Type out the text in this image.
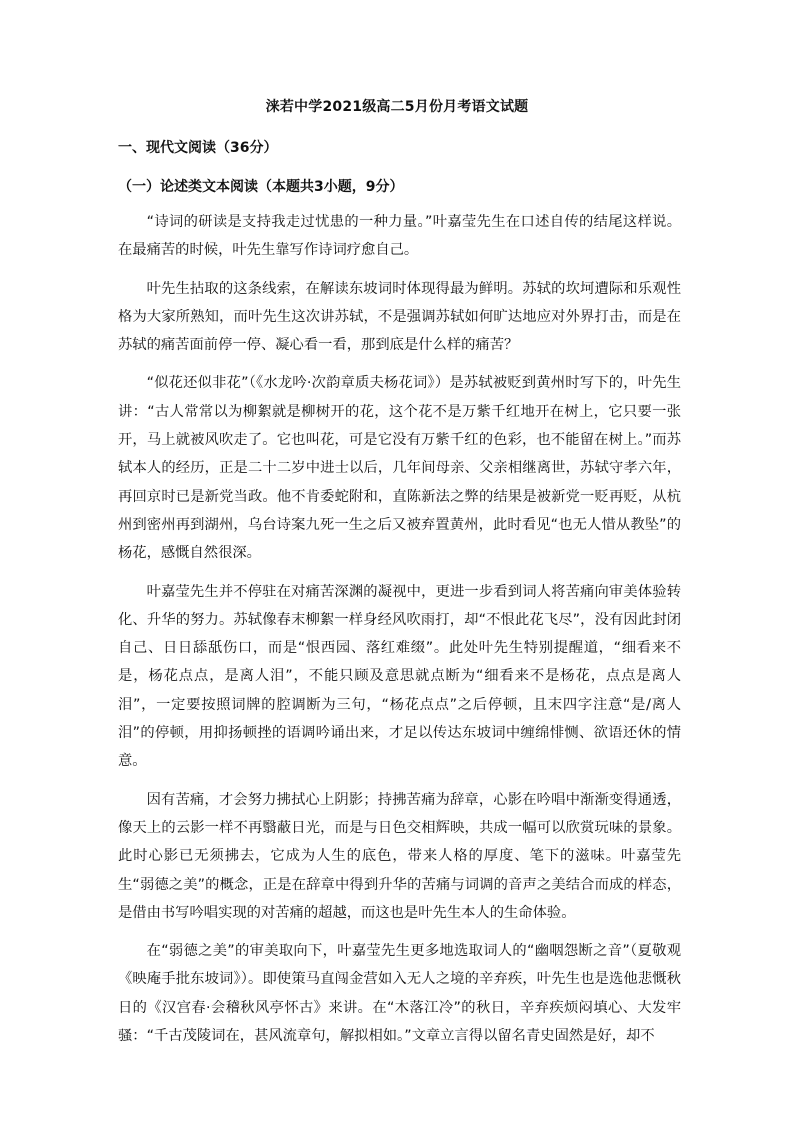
涞若中学2021级高二5月份月考语文试题
一、现代文阅读（36分）
（一）论述类文本阅读（本题共3小题，9分）

“诗词的研读是支持我走过忧患的一种力量。”叶嘉莹先生在口述自传的结尾这样说。在最痛苦的时候，叶先生靠写作诗词疗愈自己。

叶先生拈取的这条线索，在解读东坡词时体现得最为鲜明。苏轼的坎坷遭际和乐观性格为大家所熟知，而叶先生这次讲苏轼，不是强调苏轼如何旷达地应对外界打击，而是在苏轼的痛苦面前停一停、凝心看一看，那到底是什么样的痛苦？

“似花还似非花”（《水龙吟·次韵章质夫杨花词》）是苏轼被贬到黄州时写下的，叶先生讲：“古人常常以为柳絮就是柳树开的花，这个花不是万紫千红地开在树上，它只要一张开，马上就被风吹走了。它也叫花，可是它没有万紫千红的色彩，也不能留在树上。”而苏轼本人的经历，正是二十二岁中进士以后，几年间母亲、父亲相继离世，苏轼守孝六年，再回京时已是新党当政。他不肯委蛇附和，直陈新法之弊的结果是被新党一贬再贬，从杭州到密州再到湖州，乌台诗案九死一生之后又被弃置黄州，此时看见“也无人惜从教坠”的杨花，感慨自然很深。

叶嘉莹先生并不停驻在对痛苦深渊的凝视中，更进一步看到词人将苦痛向审美体验转化、升华的努力。苏轼像春末柳絮一样身经风吹雨打，却“不恨此花飞尽”，没有因此封闭自己、日日舔舐伤口，而是“恨西园、落红难缀”。此处叶先生特别提醒道，“细看来不是，杨花点点，是离人泪”，不能只顾及意思就点断为“细看来不是杨花，点点是离人泪”，一定要按照词牌的腔调断为三句，“杨花点点”之后停顿，且末四字注意“是/离人泪”的停顿，用抑扬顿挫的语调吟诵出来，才足以传达东坡词中缠绵悱恻、欲语还休的情意。

因有苦痛，才会努力拂拭心上阴影；持拂苦痛为辞章，心影在吟唱中渐渐变得通透，像天上的云影一样不再翳蔽日光，而是与日色交相辉映，共成一幅可以欣赏玩味的景象。此时心影已无须拂去，它成为人生的底色，带来人格的厚度、笔下的滋味。叶嘉莹先生“弱德之美”的概念，正是在辞章中得到升华的苦痛与词调的音声之美结合而成的样态，是借由书写吟唱实现的对苦痛的超越，而这也是叶先生本人的生命体验。

在“弱德之美”的审美取向下，叶嘉莹先生更多地选取词人的“幽咽怨断之音”（夏敬观《映庵手批东坡词》）。即使策马直闯金营如入无人之境的辛弃疾，叶先生也是选他悲慨秋日的《汉宫春·会稽秋风亭怀古》来讲。在“木落江冷”的秋日，辛弃疾烦闷填心、大发牢骚：“千古茂陵词在，甚风流章句，解拟相如。”文章立言得以留名青史固然是好，却不
